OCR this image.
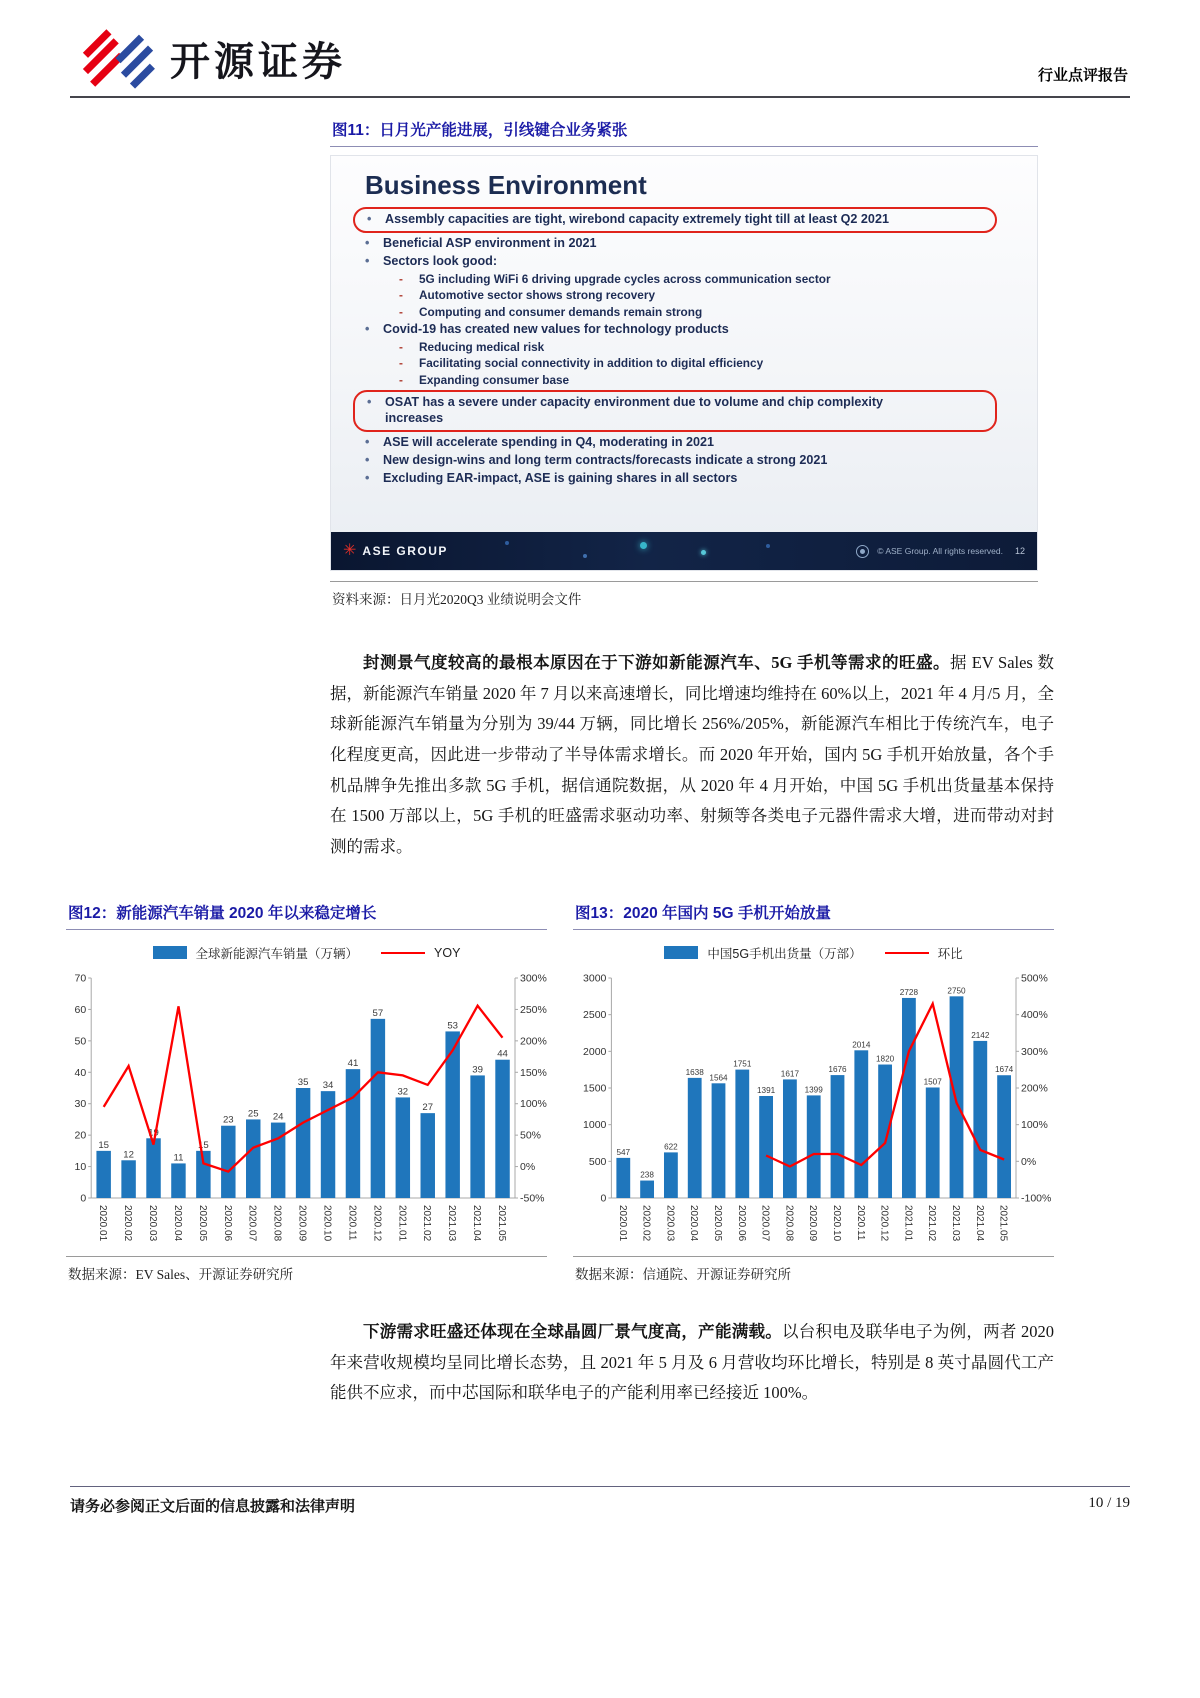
开源证券	行业点评报告
图11：日月光产能进展，引线键合业务紧张
Business Environment
• Assembly capacities are tight, wirebond capacity extremely tight till at least Q2 2021
• Beneficial ASP environment in 2021
• Sectors look good:
- 5G including WiFi 6 driving upgrade cycles across communication sector
- Automotive sector shows strong recovery
- Computing and consumer demands remain strong
• Covid-19 has created new values for technology products
- Reducing medical risk
- Facilitating social connectivity in addition to digital efficiency
- Expanding consumer base
• OSAT has a severe under capacity environment due to volume and chip complexity increases
• ASE will accelerate spending in Q4, moderating in 2021
• New design-wins and long term contracts/forecasts indicate a strong 2021
• Excluding EAR-impact, ASE is gaining shares in all sectors
✳ ASE GROUP	© ASE Group. All rights reserved. 12
资料来源：日月光2020Q3 业绩说明会文件

封测景气度较高的最根本原因在于下游如新能源汽车、5G 手机等需求的旺盛。据 EV Sales 数据，新能源汽车销量 2020 年 7 月以来高速增长，同比增速均维持在 60%以上，2021 年 4 月/5 月，全球新能源汽车销量为分别为 39/44 万辆，同比增长 256%/205%，新能源汽车相比于传统汽车，电子化程度更高，因此进一步带动了半导体需求增长。而 2020 年开始，国内 5G 手机开始放量，各个手机品牌争先推出多款 5G 手机，据信通院数据，从 2020 年 4 月开始，中国 5G 手机出货量基本保持在 1500 万部以上，5G 手机的旺盛需求驱动功率、射频等各类电子元器件需求大增，进而带动对封测的需求。

图12：新能源汽车销量 2020 年以来稳定增长
全球新能源汽车销量（万辆）	YOY
0
10
20
30
40
50
60
70	300%
250%
200%
150%
100%
50%
0%
-50%
15
12
19
11
15
23
25 24
35 34
41
57
32
27
53
39
44
2020.01 2020.02 2020.03 2020.04 2020.05 2020.06 2020.07 2020.08 2020.09 2020.10 2020.11 2020.12 2021.01 2021.02 2021.03 2021.04 2021.05
数据来源：EV Sales、开源证券研究所
图13：2020 年国内 5G 手机开始放量
中国5G手机出货量（万部）	环比
0
500
1000
1500
2000
2500
3000	500%
400%
300%
200%
100%
0%
-100%
547
238
622
1638
1564
1751
1391
1617
1399
1676
2014
1820
2728
1507
2750
2142
1674
2020.01 2020.02 2020.03 2020.04 2020.05 2020.06 2020.07 2020.08 2020.09 2020.10 2020.11 2020.12 2021.01 2021.02 2021.03 2021.04 2021.05
数据来源：信通院、开源证券研究所

下游需求旺盛还体现在全球晶圆厂景气度高，产能满载。以台积电及联华电子为例，两者 2020 年来营收规模均呈同比增长态势，且 2021 年 5 月及 6 月营收均环比增长，特别是 8 英寸晶圆代工产能供不应求，而中芯国际和联华电子的产能利用率已经接近 100%。

请务必参阅正文后面的信息披露和法律声明	10 / 19
